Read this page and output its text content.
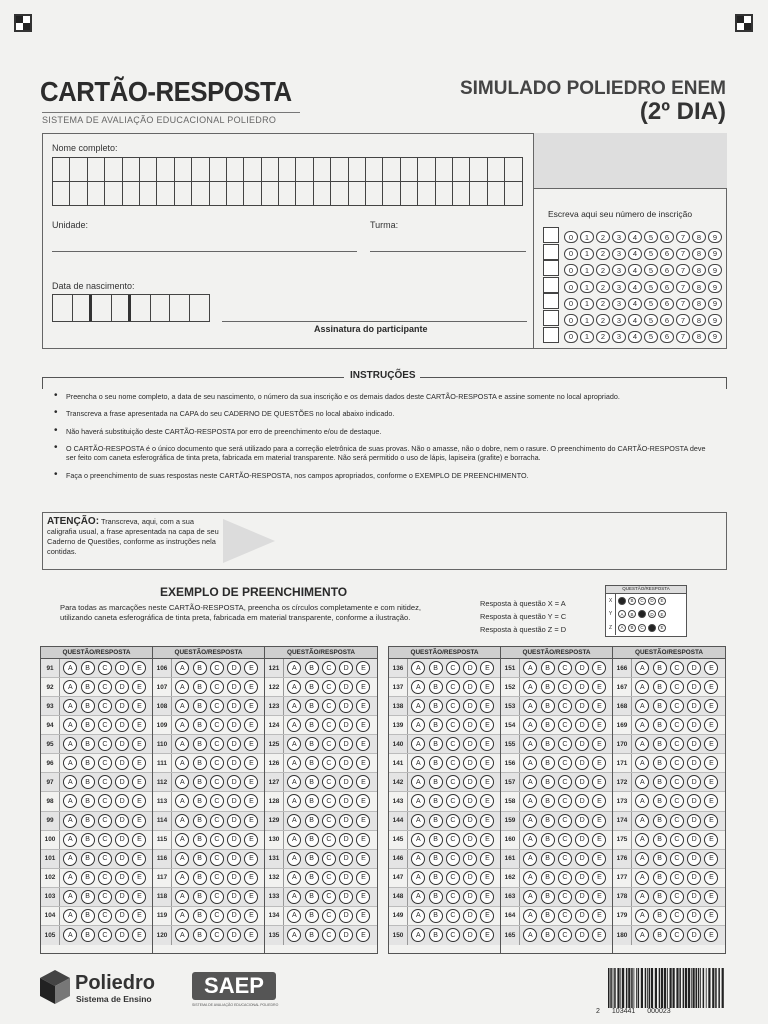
CARTÃO-RESPOSTA
SISTEMA DE AVALIAÇÃO EDUCACIONAL POLIEDRO
SIMULADO POLIEDRO ENEM
(2º DIA)
Nome completo:
Unidade:	Turma:
Data de nascimento:
Assinatura do participante
Escreva aqui seu número de inscrição
0	1	2	3	4	5	6	7	8	9
0	1	2	3	4	5	6	7	8	9
0	1	2	3	4	5	6	7	8	9
0	1	2	3	4	5	6	7	8	9
0	1	2	3	4	5	6	7	8	9
0	1	2	3	4	5	6	7	8	9
0	1	2	3	4	5	6	7	8	9
INSTRUÇÕES
• Preencha o seu nome completo, a data de seu nascimento, o número da sua inscrição e os demais dados deste CARTÃO-RESPOSTA e assine somente no local apropriado.
• Transcreva a frase apresentada na CAPA do seu CADERNO DE QUESTÕES no local abaixo indicado.
• Não haverá substituição deste CARTÃO-RESPOSTA por erro de preenchimento e/ou de destaque.
• O CARTÃO-RESPOSTA é o único documento que será utilizado para a correção eletrônica de suas provas. Não o amasse, não o dobre, nem o rasure. O preenchimento do CARTÃO-RESPOSTA deve ser feito com caneta esferográfica de tinta preta, fabricada em material transparente. Não será permitido o uso de lápis, lapiseira (grafite) e borracha.
• Faça o preenchimento de suas respostas neste CARTÃO-RESPOSTA, nos campos apropriados, conforme o EXEMPLO DE PREENCHIMENTO.
ATENÇÃO: Transcreva, aqui, com a sua caligrafia usual, a frase apresentada na capa de seu Caderno de Questões, conforme as instruções nela contidas.
EXEMPLO DE PREENCHIMENTO
Para todas as marcações neste CARTÃO-RESPOSTA, preencha os círculos completamente e com nitidez, utilizando caneta esferográfica de tinta preta, fabricada em material transparente, conforme a ilustração.
Resposta à questão X = A
Resposta à questão Y = C
Resposta à questão Z = D
QUESTÃO/RESPOSTA
X	B	C	D	E
Y	A	B	D	E
Z	A	B	C	E
QUESTÃO/RESPOSTA
91	A	B	C	D	E
92	A	B	C	D	E
93	A	B	C	D	E
94	A	B	C	D	E
95	A	B	C	D	E
96	A	B	C	D	E
97	A	B	C	D	E
98	A	B	C	D	E
99	A	B	C	D	E
100	A	B	C	D	E
101	A	B	C	D	E
102	A	B	C	D	E
103	A	B	C	D	E
104	A	B	C	D	E
105	A	B	C	D	E
QUESTÃO/RESPOSTA
106	A	B	C	D	E
107	A	B	C	D	E
108	A	B	C	D	E
109	A	B	C	D	E
110	A	B	C	D	E
111	A	B	C	D	E
112	A	B	C	D	E
113	A	B	C	D	E
114	A	B	C	D	E
115	A	B	C	D	E
116	A	B	C	D	E
117	A	B	C	D	E
118	A	B	C	D	E
119	A	B	C	D	E
120	A	B	C	D	E
QUESTÃO/RESPOSTA
121	A	B	C	D	E
122	A	B	C	D	E
123	A	B	C	D	E
124	A	B	C	D	E
125	A	B	C	D	E
126	A	B	C	D	E
127	A	B	C	D	E
128	A	B	C	D	E
129	A	B	C	D	E
130	A	B	C	D	E
131	A	B	C	D	E
132	A	B	C	D	E
133	A	B	C	D	E
134	A	B	C	D	E
135	A	B	C	D	E
QUESTÃO/RESPOSTA
136	A	B	C	D	E
137	A	B	C	D	E
138	A	B	C	D	E
139	A	B	C	D	E
140	A	B	C	D	E
141	A	B	C	D	E
142	A	B	C	D	E
143	A	B	C	D	E
144	A	B	C	D	E
145	A	B	C	D	E
146	A	B	C	D	E
147	A	B	C	D	E
148	A	B	C	D	E
149	A	B	C	D	E
150	A	B	C	D	E
QUESTÃO/RESPOSTA
151	A	B	C	D	E
152	A	B	C	D	E
153	A	B	C	D	E
154	A	B	C	D	E
155	A	B	C	D	E
156	A	B	C	D	E
157	A	B	C	D	E
158	A	B	C	D	E
159	A	B	C	D	E
160	A	B	C	D	E
161	A	B	C	D	E
162	A	B	C	D	E
163	A	B	C	D	E
164	A	B	C	D	E
165	A	B	C	D	E
QUESTÃO/RESPOSTA
166	A	B	C	D	E
167	A	B	C	D	E
168	A	B	C	D	E
169	A	B	C	D	E
170	A	B	C	D	E
171	A	B	C	D	E
172	A	B	C	D	E
173	A	B	C	D	E
174	A	B	C	D	E
175	A	B	C	D	E
176	A	B	C	D	E
177	A	B	C	D	E
178	A	B	C	D	E
179	A	B	C	D	E
180	A	B	C	D	E
Poliedro
Sistema de Ensino
SAEP
SISTEMA DE AVALIAÇÃO EDUCACIONAL POLIEDRO
2 103441 000023
